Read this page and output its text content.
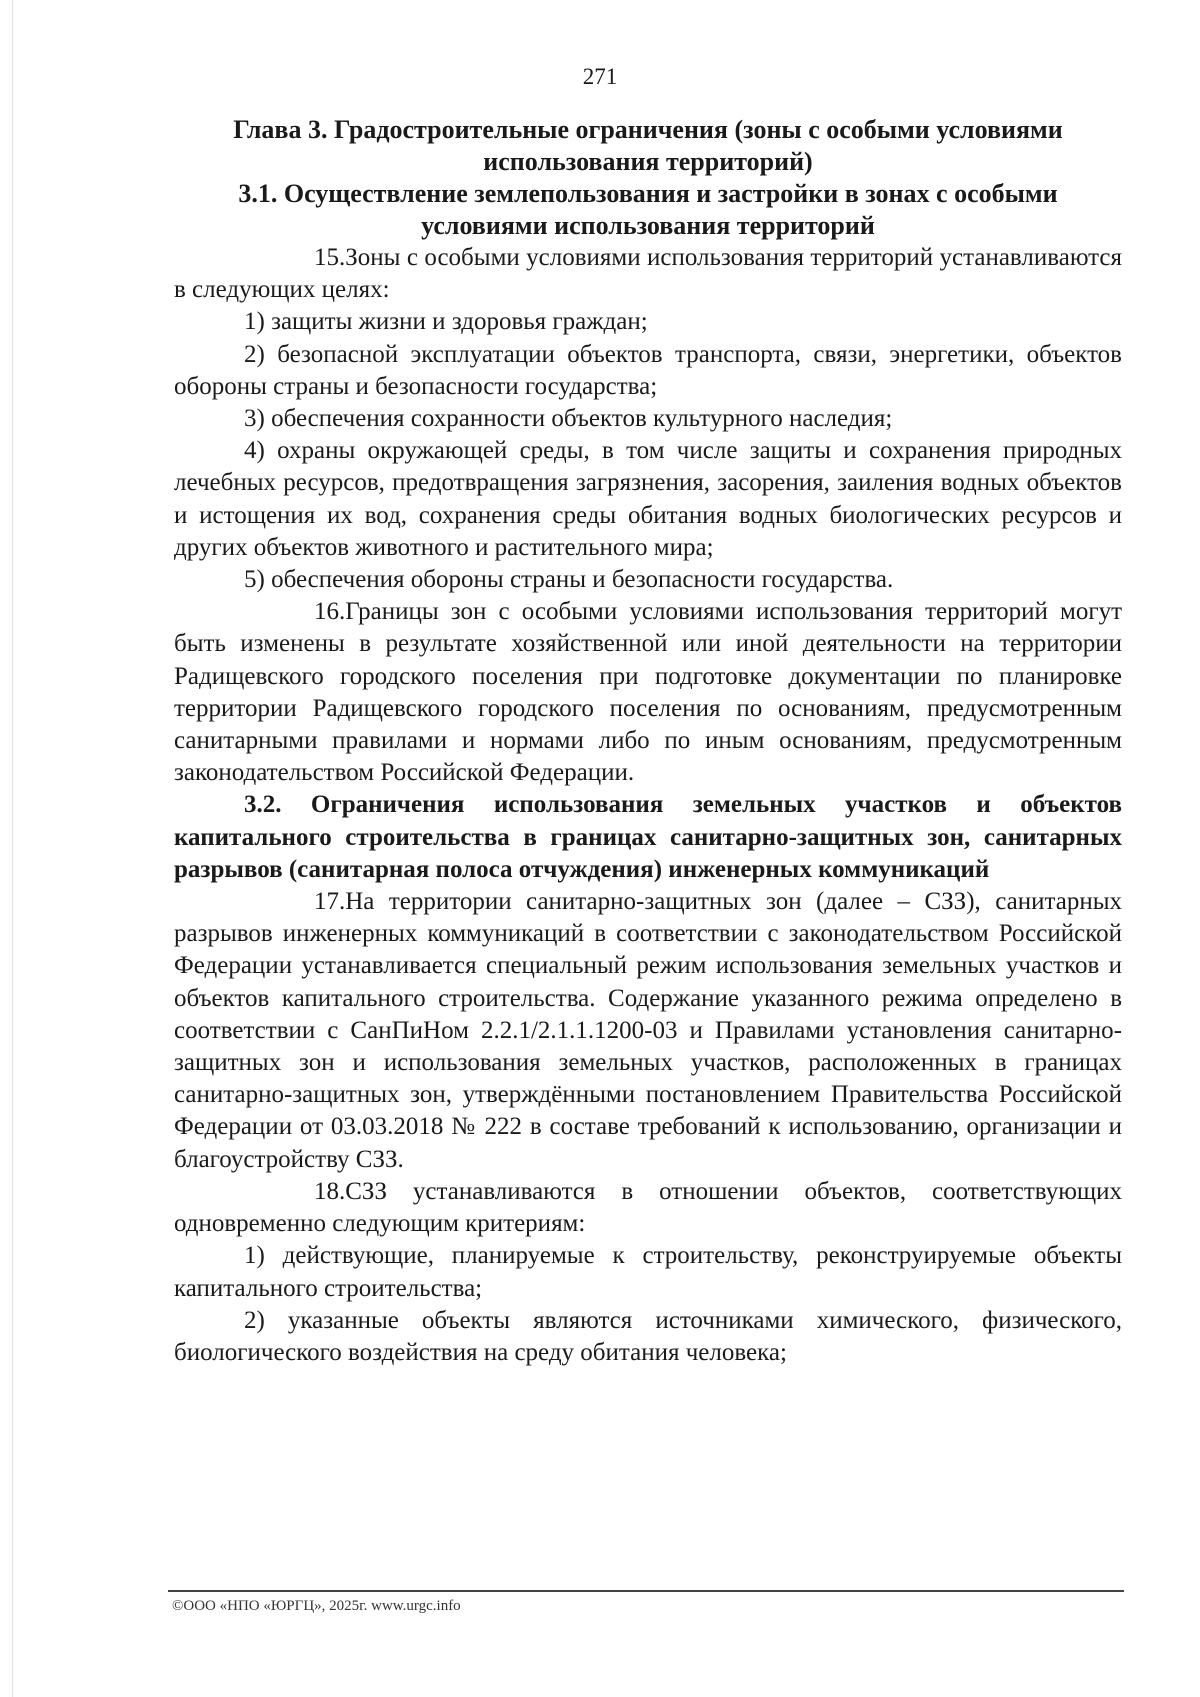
271
Глава 3. Градостроительные ограничения (зоны с особыми условиями использования территорий)
3.1. Осуществление землепользования и застройки в зонах с особыми условиями использования территорий

15.Зоны с особыми условиями использования территорий устанавливаются в следующих целях:

1) защиты жизни и здоровья граждан;

2) безопасной эксплуатации объектов транспорта, связи, энергетики, объектов обороны страны и безопасности государства;

3) обеспечения сохранности объектов культурного наследия;

4) охраны окружающей среды, в том числе защиты и сохранения природных лечебных ресурсов, предотвращения загрязнения, засорения, заиления водных объектов и истощения их вод, сохранения среды обитания водных биологических ресурсов и других объектов животного и растительного мира;

5) обеспечения обороны страны и безопасности государства.

16.Границы зон с особыми условиями использования территорий могут быть изменены в результате хозяйственной или иной деятельности на территории Радищевского городского поселения при подготовке документации по планировке территории Радищевского городского поселения по основаниям, предусмотренным санитарными правилами и нормами либо по иным основаниям, предусмотренным законодательством Российской Федерации.

3.2. Ограничения использования земельных участков и объектов капитального строительства в границах санитарно-защитных зон, санитарных разрывов (санитарная полоса отчуждения) инженерных коммуникаций

17.На территории санитарно-защитных зон (далее – СЗЗ), санитарных разрывов инженерных коммуникаций в соответствии с законодательством Российской Федерации устанавливается специальный режим использования земельных участков и объектов капитального строительства. Содержание указанного режима определено в соответствии с СанПиНом 2.2.1/2.1.1.1200-03 и Правилами установления санитарно-защитных зон и использования земельных участков, расположенных в границах санитарно-защитных зон, утверждёнными постановлением Правительства Российской Федерации от 03.03.2018 № 222 в составе требований к использованию, организации и благоустройству СЗЗ.

18.СЗЗ устанавливаются в отношении объектов, соответствующих одновременно следующим критериям:

1) действующие, планируемые к строительству, реконструируемые объекты капитального строительства;

2) указанные объекты являются источниками химического, физического, биологического воздействия на среду обитания человека;

©ООО «НПО «ЮРГЦ», 2025г. www.urgc.info
